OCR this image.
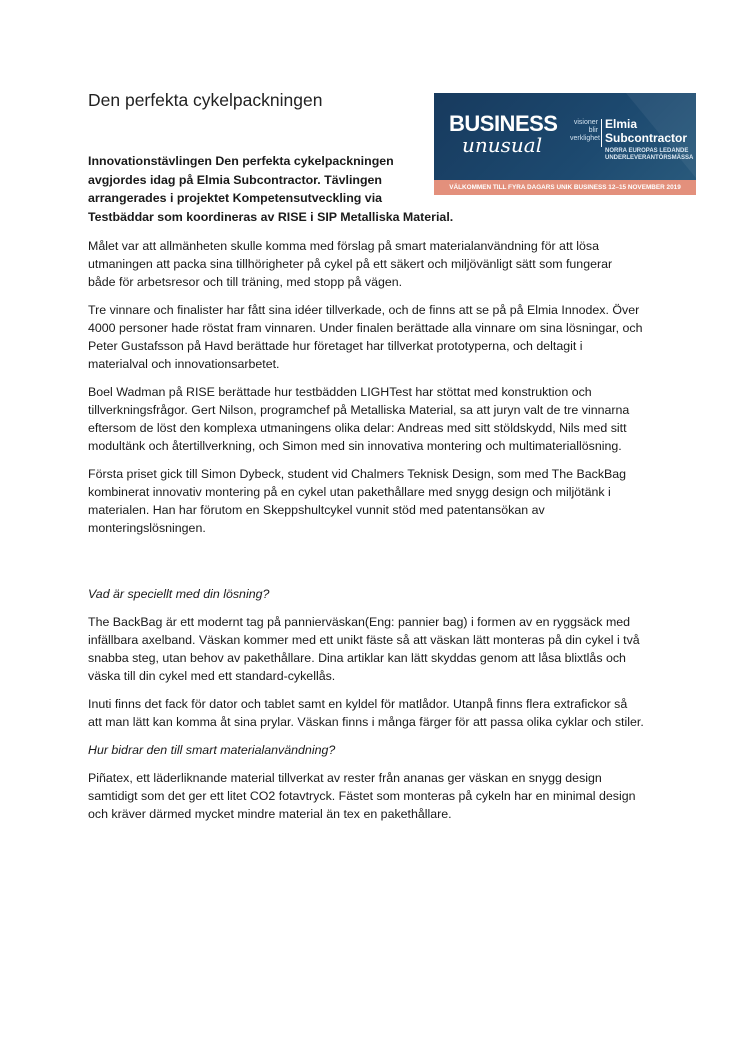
Den perfekta cykelpackningen
BUSINESS
unusual
visioner
blir
verklighet
Elmia
Subcontractor
NORRA EUROPAS LEDANDE UNDERLEVERANTÖRSMÄSSA
VÄLKOMMEN TILL FYRA DAGARS UNIK BUSINESS 12–15 NOVEMBER 2019
Innovationstävlingen Den perfekta cykelpackningen
avgjordes idag på Elmia Subcontractor. Tävlingen
arrangerades i projektet Kompetensutveckling via
Testbäddar som koordineras av RISE i SIP Metalliska Material.
Målet var att allmänheten skulle komma med förslag på smart materialanvändning för att lösa
utmaningen att packa sina tillhörigheter på cykel på ett säkert och miljövänligt sätt som fungerar
både för arbetsresor och till träning, med stopp på vägen.
Tre vinnare och finalister har fått sina idéer tillverkade, och de finns att se på på Elmia Innodex. Över
4000 personer hade röstat fram vinnaren. Under finalen berättade alla vinnare om sina lösningar, och
Peter Gustafsson på Havd berättade hur företaget har tillverkat prototyperna, och deltagit i
materialval och innovationsarbetet.
Boel Wadman på RISE berättade hur testbädden LIGHTest har stöttat med konstruktion och
tillverkningsfrågor. Gert Nilson, programchef på Metalliska Material, sa att juryn valt de tre vinnarna
eftersom de löst den komplexa utmaningens olika delar: Andreas med sitt stöldskydd, Nils med sitt
modultänk och återtillverkning, och Simon med sin innovativa montering och multimateriallösning.
Första priset gick till Simon Dybeck, student vid Chalmers Teknisk Design, som med The BackBag
kombinerat innovativ montering på en cykel utan pakethållare med snygg design och miljötänk i
materialen. Han har förutom en Skeppshultcykel vunnit stöd med patentansökan av
monteringslösningen.
Vad är speciellt med din lösning?
The BackBag är ett modernt tag på pannierväskan(Eng: pannier bag) i formen av en ryggsäck med
infällbara axelband. Väskan kommer med ett unikt fäste så att väskan lätt monteras på din cykel i två
snabba steg, utan behov av pakethållare. Dina artiklar kan lätt skyddas genom att låsa blixtlås och
väska till din cykel med ett standard-cykellås.
Inuti finns det fack för dator och tablet samt en kyldel för matlådor. Utanpå finns flera extrafickor så
att man lätt kan komma åt sina prylar. Väskan finns i många färger för att passa olika cyklar och stiler.
Hur bidrar den till smart materialanvändning?
Piñatex, ett läderliknande material tillverkat av rester från ananas ger väskan en snygg design
samtidigt som det ger ett litet CO2 fotavtryck. Fästet som monteras på cykeln har en minimal design
och kräver därmed mycket mindre material än tex en pakethållare.
